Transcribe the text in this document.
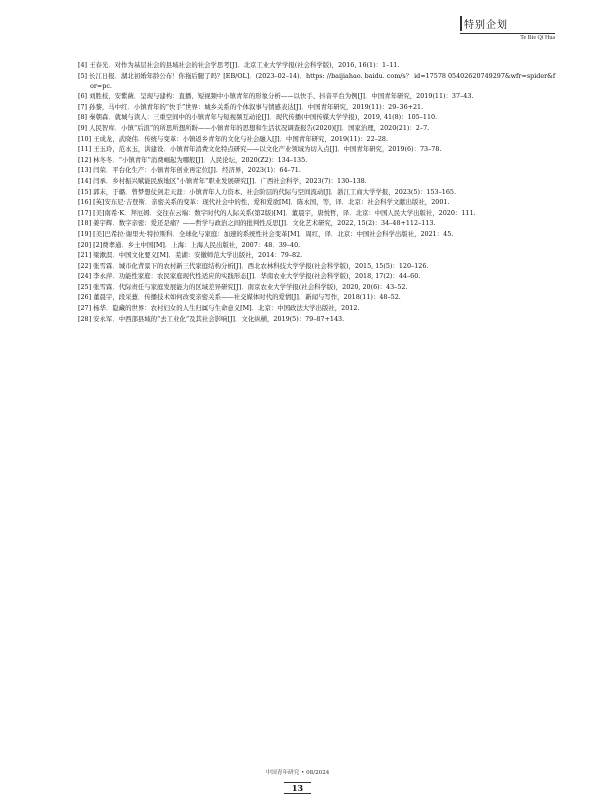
特别企划
Te Bie Qi Hua
[4] 王春光．对作为基层社会的县域社会的社会学思考[J]．北京工业大学学报(社会科学版)，2016, 16(1)：1–11.
[5] 长江日报．湖北初婚年龄公布！你拖后腿了吗？[EB/OL]．(2023–02–14)．https: //baijiahao. baidu. com/s？ id=17578 05402620749297&wfr=spider&for=pc.
[6] 刘胜枝，安紫薇．呈现与建构：直播、短视频中小镇青年的形象分析——以快手、抖音平台为例[J]．中国青年研究，2019(11)：37–43.
[7] 孙黎，马中红．小镇青年的“快手”世界：城乡关系的个体叙事与情感表达[J]．中国青年研究，2019(11)：29–36+21.
[8] 秦朝森．就城与读人：三重空间中的小镇青年与短视频互动论[J]．现代传播(中国传媒大学学报)，2019, 41(8)：105–110.
[9] 人民智库．小镇“后浪”的所思所想所盼——小镇青年的思想和生活状况调查报告(2020)[J]．国家治理，2020(21)：2–7.
[10] 王成龙，武晓伟．传统与变革：小镇返乡青年的文化与社会融入[J]．中国青年研究，2019(11)：22–28.
[11] 王玉玲，范永玉，洪建设．小镇青年消费文化特点研究——以文化产业领域为切入点[J]．中国青年研究，2019(6)：73–78.
[12] 林冬冬．“小镇青年”消费崛起为哪般[J]．人民论坛，2020(Z2)：134–135.
[13] 闫荣．平台化生产：小镇青年创业再定位[J]．经济界，2023(1)：64–71.
[14] 闫承．乡村振兴赋能民族地区“小镇青年”职业发展研究[J]．广西社会科学，2023(7)：130–138.
[15] 郭未，于璐．曾梦想仗剑走天涯：小镇青年人力资本、社会阶层的代际与空间流动[J]．浙江工商大学学报，2023(5)：153–165.
[16] [英]安东尼·吉登斯．亲密关系的变革：现代社会中的性、爱和爱欲[M]．陈永国，等，译．北京：社会科学文献出版社，2001.
[17] [美]南希·K．拜厄姆．交往在云端：数字时代的人际关系(第2版)[M]．董晨宇，唐悦哲，译．北京：中国人民大学出版社，2020：111.
[18] 姜宇辉．数字亲密：爱还是痛？——哲学与政治之间的批判性反思[J]．文化艺术研究，2022, 15(2)：34–48+112–113.
[19] [美]巴希拉·谢里夫·特拉斯科．全球化与家庭：加速的系统性社会变革[M]．周红，译．北京：中国社会科学出版社，2021：45.
[20] [2]费孝通．乡土中国[M]．上海：上海人民出版社，2007：48．39–40.
[21] 梁漱溟．中国文化要义[M]．芜湖：安徽师范大学出版社，2014：79–82.
[22] 张雪霖．城市化背景下的农村新三代家庭结构分析[J]．西北农林科技大学学报(社会科学版)，2015, 15(5)：120–126.
[24] 李永萍．功能性家庭：农民家庭现代性适应的实践形态[J]．华南农业大学学报(社会科学版)，2018, 17(2)：44–60.
[25] 张雪霖．代际责任与家庭发展能力的区域差异研究[J]．南京农业大学学报(社会科学版)，2020, 20(6)：43–52.
[26] 董晨宇，段采薏．传播技术如何改变亲密关系——社交媒体时代的爱情[J]．新闻与写作，2018(11)：48–52.
[27] 杨华．隐藏的世界：农村妇女的人生归属与生命意义[M]．北京：中国政法大学出版社，2012.
[28] 安永军．中西部县域的“去工业化”及其社会影响[J]．文化纵横，2019(5)：79–87+143.
中国青年研究 • 08/2024
13
